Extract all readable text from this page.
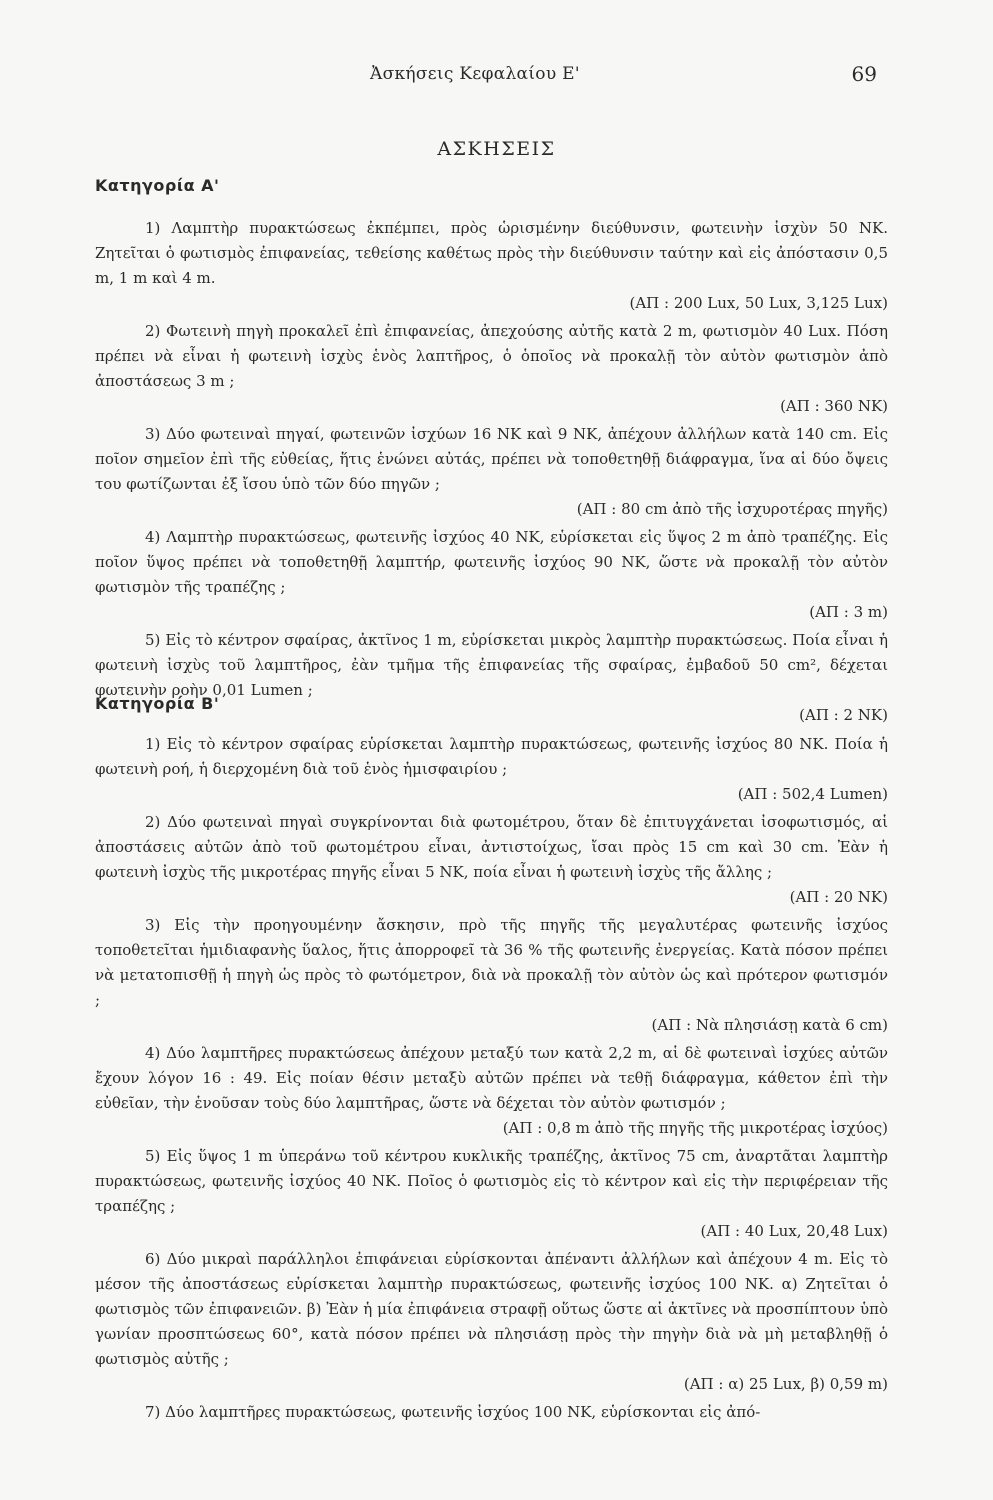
Ἀσκήσεις Κεφαλαίου Ε'	69
ΑΣΚΗΣΕΙΣ
Κατηγορία Α'
1) Λαμπτὴρ πυρακτώσεως ἐκπέμπει, πρὸς ὡρισμένην διεύθυνσιν, φωτεινὴν ἰσχὺν 50 ΝΚ. Ζητεῖται ὁ φωτισμὸς ἐπιφανείας, τεθείσης καθέτως πρὸς τὴν διεύθυνσιν ταύτην καὶ εἰς ἀπόστασιν 0,5 m, 1 m καὶ 4 m.
(ΑΠ : 200 Lux, 50 Lux, 3,125 Lux)
2) Φωτεινὴ πηγὴ προκαλεῖ ἐπὶ ἐπιφανείας, ἀπεχούσης αὐτῆς κατὰ 2 m, φωτισμὸν 40 Lux. Πόση πρέπει νὰ εἶναι ἡ φωτεινὴ ἰσχὺς ἑνὸς λαπτῆρος, ὁ ὁποῖος νὰ προκαλῇ τὸν αὐτὸν φωτισμὸν ἀπὸ ἀποστάσεως 3 m ;
(ΑΠ : 360 ΝΚ)
3) Δύο φωτειναὶ πηγαί, φωτεινῶν ἰσχύων 16 ΝΚ καὶ 9 ΝΚ, ἀπέχουν ἀλλήλων κατὰ 140 cm. Εἰς ποῖον σημεῖον ἐπὶ τῆς εὐθείας, ἥτις ἑνώνει αὐτάς, πρέπει νὰ τοποθετηθῇ διάφραγμα, ἵνα αἱ δύο ὄψεις του φωτίζωνται ἐξ ἴσου ὑπὸ τῶν δύο πηγῶν ;
(ΑΠ : 80 cm ἀπὸ τῆς ἰσχυροτέρας πηγῆς)
4) Λαμπτὴρ πυρακτώσεως, φωτεινῆς ἰσχύος 40 ΝΚ, εὑρίσκεται εἰς ὕψος 2 m ἀπὸ τραπέζης. Εἰς ποῖον ὕψος πρέπει νὰ τοποθετηθῇ λαμπτήρ, φωτεινῆς ἰσχύος 90 ΝΚ, ὥστε νὰ προκαλῇ τὸν αὐτὸν φωτισμὸν τῆς τραπέζης ;
(ΑΠ : 3 m)
5) Εἰς τὸ κέντρον σφαίρας, ἀκτῖνος 1 m, εὑρίσκεται μικρὸς λαμπτὴρ πυρακτώσεως. Ποία εἶναι ἡ φωτεινὴ ἰσχὺς τοῦ λαμπτῆρος, ἐὰν τμῆμα τῆς ἐπιφανείας τῆς σφαίρας, ἐμβαδοῦ 50 cm², δέχεται φωτεινὴν ροὴν 0,01 Lumen ;
(ΑΠ : 2 ΝΚ)
Κατηγορία Β'
1) Εἰς τὸ κέντρον σφαίρας εὑρίσκεται λαμπτὴρ πυρακτώσεως, φωτεινῆς ἰσχύος 80 ΝΚ. Ποία ἡ φωτεινὴ ροή, ἡ διερχομένη διὰ τοῦ ἑνὸς ἡμισφαιρίου ;
(ΑΠ : 502,4 Lumen)
2) Δύο φωτειναὶ πηγαὶ συγκρίνονται διὰ φωτομέτρου, ὅταν δὲ ἐπιτυγχάνεται ἰσοφωτισμός, αἱ ἀποστάσεις αὐτῶν ἀπὸ τοῦ φωτομέτρου εἶναι, ἀντιστοίχως, ἴσαι πρὸς 15 cm καὶ 30 cm. Ἐὰν ἡ φωτεινὴ ἰσχὺς τῆς μικροτέρας πηγῆς εἶναι 5 ΝΚ, ποία εἶναι ἡ φωτεινὴ ἰσχὺς τῆς ἄλλης ;
(ΑΠ : 20 ΝΚ)
3) Εἰς τὴν προηγουμένην ἄσκησιν, πρὸ τῆς πηγῆς τῆς μεγαλυτέρας φωτεινῆς ἰσχύος τοποθετεῖται ἡμιδιαφανὴς ὕαλος, ἥτις ἀπορροφεῖ τὰ 36 % τῆς φωτεινῆς ἐνεργείας. Κατὰ πόσον πρέπει νὰ μετατοπισθῇ ἡ πηγὴ ὡς πρὸς τὸ φωτόμετρον, διὰ νὰ προκαλῇ τὸν αὐτὸν ὡς καὶ πρότερον φωτισμόν ;
(ΑΠ : Νὰ πλησιάσῃ κατὰ 6 cm)
4) Δύο λαμπτῆρες πυρακτώσεως ἀπέχουν μεταξύ των κατὰ 2,2 m, αἱ δὲ φωτειναὶ ἰσχύες αὐτῶν ἔχουν λόγον 16 : 49. Εἰς ποίαν θέσιν μεταξὺ αὐτῶν πρέπει νὰ τεθῇ διάφραγμα, κάθετον ἐπὶ τὴν εὐθεῖαν, τὴν ἑνοῦσαν τοὺς δύο λαμπτῆρας, ὥστε νὰ δέχεται τὸν αὐτὸν φωτισμόν ;
(ΑΠ : 0,8 m ἀπὸ τῆς πηγῆς τῆς μικροτέρας ἰσχύος)
5) Εἰς ὕψος 1 m ὑπεράνω τοῦ κέντρου κυκλικῆς τραπέζης, ἀκτῖνος 75 cm, ἀναρτᾶται λαμπτὴρ πυρακτώσεως, φωτεινῆς ἰσχύος 40 ΝΚ. Ποῖος ὁ φωτισμὸς εἰς τὸ κέντρον καὶ εἰς τὴν περιφέρειαν τῆς τραπέζης ;
(ΑΠ : 40 Lux, 20,48 Lux)
6) Δύο μικραὶ παράλληλοι ἐπιφάνειαι εὑρίσκονται ἀπέναντι ἀλλήλων καὶ ἀπέχουν 4 m. Εἰς τὸ μέσον τῆς ἀποστάσεως εὑρίσκεται λαμπτὴρ πυρακτώσεως, φωτεινῆς ἰσχύος 100 ΝΚ. α) Ζητεῖται ὁ φωτισμὸς τῶν ἐπιφανειῶν. β) Ἐὰν ἡ μία ἐπιφάνεια στραφῇ οὕτως ὥστε αἱ ἀκτῖνες νὰ προσπίπτουν ὑπὸ γωνίαν προσπτώσεως 60°, κατὰ πόσον πρέπει νὰ πλησιάσῃ πρὸς τὴν πηγὴν διὰ νὰ μὴ μεταβληθῇ ὁ φωτισμὸς αὐτῆς ;
(ΑΠ : α) 25 Lux, β) 0,59 m)
7) Δύο λαμπτῆρες πυρακτώσεως, φωτεινῆς ἰσχύος 100 ΝΚ, εὑρίσκονται εἰς ἀπό-
